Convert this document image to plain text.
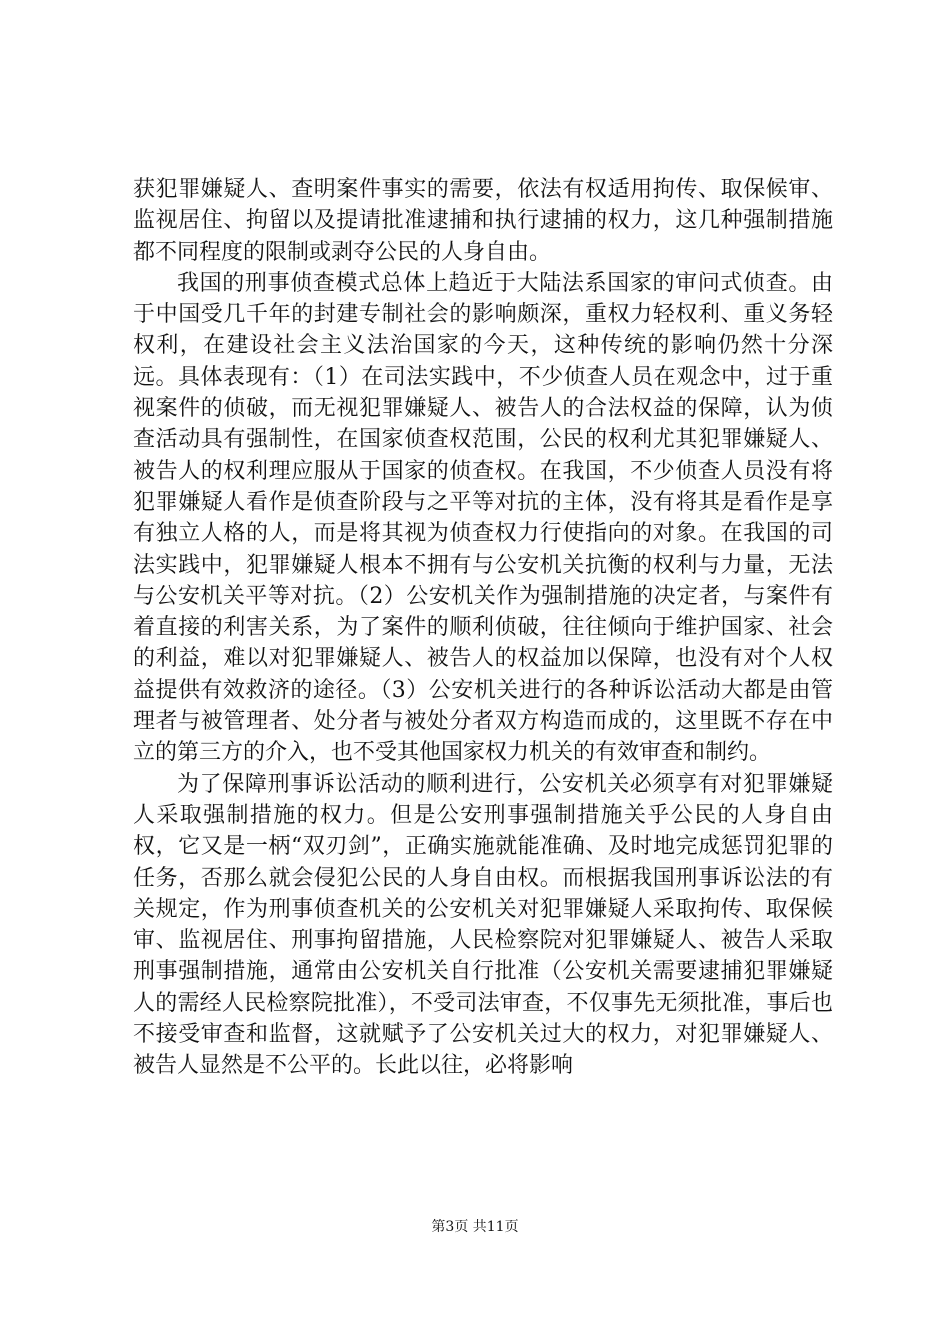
获犯罪嫌疑人、查明案件事实的需要，依法有权适用拘传、取保候审、监视居住、拘留以及提请批准逮捕和执行逮捕的权力，这几种强制措施都不同程度的限制或剥夺公民的人身自由。

我国的刑事侦查模式总体上趋近于大陆法系国家的审问式侦查。由于中国受几千年的封建专制社会的影响颇深，重权力轻权利、重义务轻权利，在建设社会主义法治国家的今天，这种传统的影响仍然十分深远。具体表现有：（1）在司法实践中，不少侦查人员在观念中，过于重视案件的侦破，而无视犯罪嫌疑人、被告人的合法权益的保障，认为侦查活动具有强制性，在国家侦查权范围，公民的权利尤其犯罪嫌疑人、被告人的权利理应服从于国家的侦查权。在我国，不少侦查人员没有将犯罪嫌疑人看作是侦查阶段与之平等对抗的主体，没有将其是看作是享有独立人格的人，而是将其视为侦查权力行使指向的对象。在我国的司法实践中，犯罪嫌疑人根本不拥有与公安机关抗衡的权利与力量，无法与公安机关平等对抗。（2）公安机关作为强制措施的决定者，与案件有着直接的利害关系，为了案件的顺利侦破，往往倾向于维护国家、社会的利益，难以对犯罪嫌疑人、被告人的权益加以保障，也没有对个人权益提供有效救济的途径。（3）公安机关进行的各种诉讼活动大都是由管理者与被管理者、处分者与被处分者双方构造而成的，这里既不存在中立的第三方的介入，也不受其他国家权力机关的有效审查和制约。

为了保障刑事诉讼活动的顺利进行，公安机关必须享有对犯罪嫌疑人采取强制措施的权力。但是公安刑事强制措施关乎公民的人身自由权，它又是一柄“双刃剑”，正确实施就能准确、及时地完成惩罚犯罪的任务，否那么就会侵犯公民的人身自由权。而根据我国刑事诉讼法的有关规定，作为刑事侦查机关的公安机关对犯罪嫌疑人采取拘传、取保候审、监视居住、刑事拘留措施，人民检察院对犯罪嫌疑人、被告人采取刑事强制措施，通常由公安机关自行批准（公安机关需要逮捕犯罪嫌疑人的需经人民检察院批准），不受司法审查，不仅事先无须批准，事后也不接受审查和监督，这就赋予了公安机关过大的权力，对犯罪嫌疑人、被告人显然是不公平的。长此以往，必将影响

第3页 共11页
